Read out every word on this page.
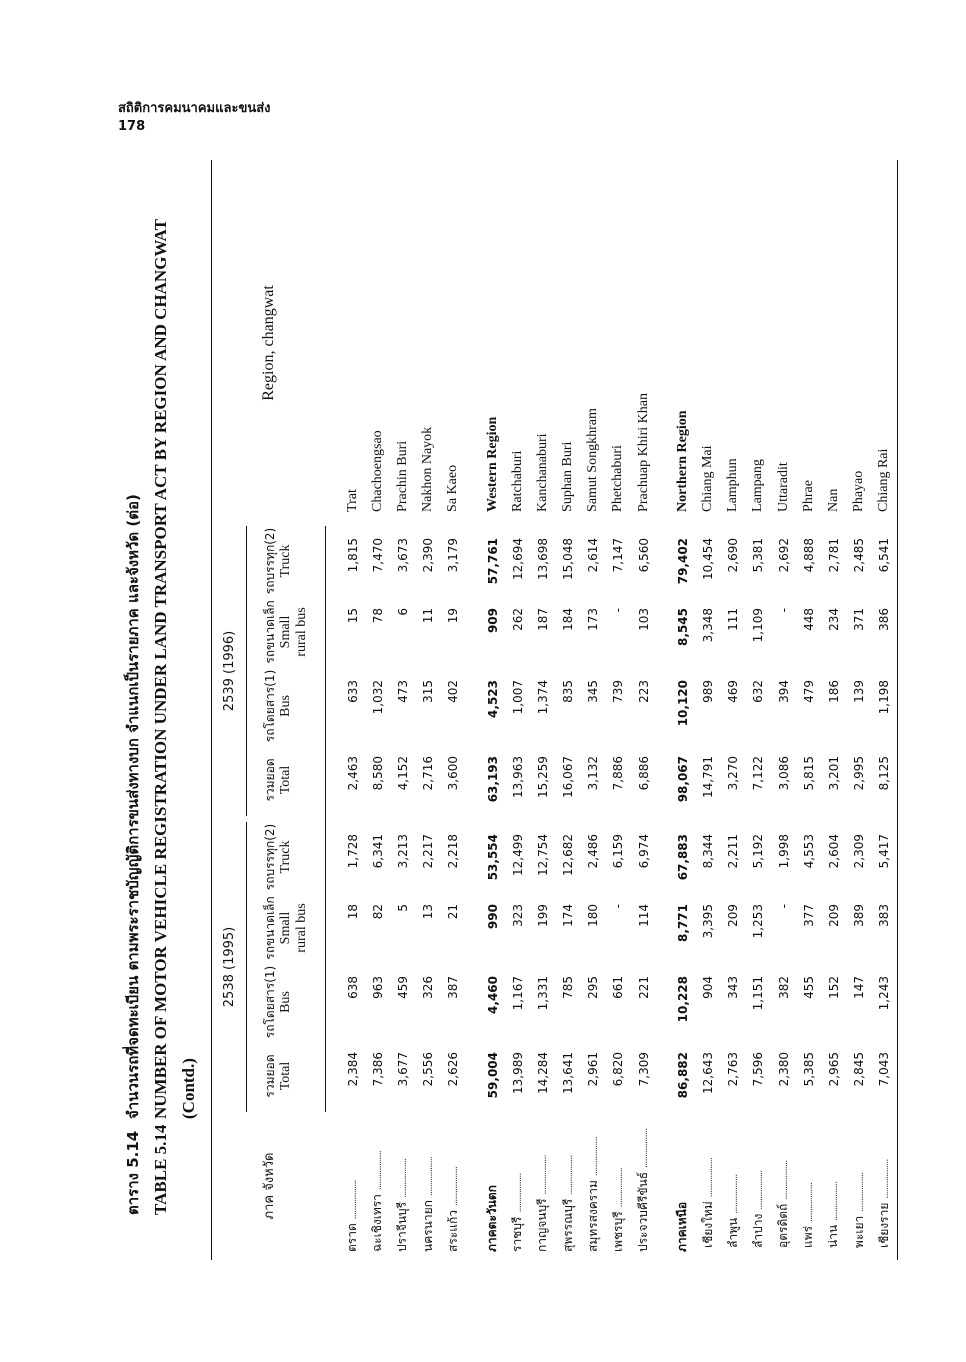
สถิติการคมนาคมและขนส่ง
178
ตาราง 5.14จำนวนรถที่จดทะเบียน ตามพระราชบัญญัติการขนส่งทางบก จำแนกเป็นรายภาค และจังหวัด (ต่อ)
TABLE 5.14NUMBER OF MOTOR VEHICLE REGISTRATION UNDER LAND TRANSPORT ACT BY REGION AND CHANGWAT (Contd.)
ภาค จังหวัด	2538 (1995)					2539 (1996)				Region, changwat

	รวมยอด Total	รถโดยสาร(1) Bus	รถขนาดเล็ก Small
rural bus	รถบรรทุก(2) Truck		รวมยอด Total	รถโดยสาร(1) Bus	รถขนาดเล็ก Small
rural bus	รถบรรทุก(2) Truck	

ตราด ..................	2,384	638	18	1,728		2,463	633	15	1,815	Trat
ฉะเชิงเทรา ..................	7,386	963	82	6,341		8,580	1,032	78	7,470	Chachoengsao
ปราจีนบุรี ..................	3,677	459	5	3,213		4,152	473	6	3,673	Prachin Buri
นครนายก ..................	2,556	326	13	2,217		2,716	315	11	2,390	Nakhon Nayok
สระแก้ว ..................	2,626	387	21	2,218		3,600	402	19	3,179	Sa Kaeo

ภาคตะวันตก	59,004	4,460	990	53,554		63,193	4,523	909	57,761	Western Region
ราชบุรี ..................	13,989	1,167	323	12,499		13,963	1,007	262	12,694	Ratchaburi
กาญจนบุรี ..................	14,284	1,331	199	12,754		15,259	1,374	187	13,698	Kanchanaburi
สุพรรณบุรี ..................	13,641	785	174	12,682		16,067	835	184	15,048	Suphan Buri
สมุทรสงคราม ..................	2,961	295	180	2,486		3,132	345	173	2,614	Samut Songkhram
เพชรบุรี ..................	6,820	661	-	6,159		7,886	739	-	7,147	Phetchaburi
ประจวบคีรีขันธ์ ..................	7,309	221	114	6,974		6,886	223	103	6,560	Prachuap Khiri Khan

ภาคเหนือ	86,882	10,228	8,771	67,883		98,067	10,120	8,545	79,402	Northern Region
เชียงใหม่ ..................	12,643	904	3,395	8,344		14,791	989	3,348	10,454	Chiang Mai
ลำพูน ..................	2,763	343	209	2,211		3,270	469	111	2,690	Lamphun
ลำปาง ..................	7,596	1,151	1,253	5,192		7,122	632	1,109	5,381	Lampang
อุตรดิตถ์ ..................	2,380	382	-	1,998		3,086	394	-	2,692	Uttaradit
แพร่ ..................	5,385	455	377	4,553		5,815	479	448	4,888	Phrae
น่าน ..................	2,965	152	209	2,604		3,201	186	234	2,781	Nan
พะเยา ..................	2,845	147	389	2,309		2,995	139	371	2,485	Phayao
เชียงราย ..................	7,043	1,243	383	5,417		8,125	1,198	386	6,541	Chiang Rai
